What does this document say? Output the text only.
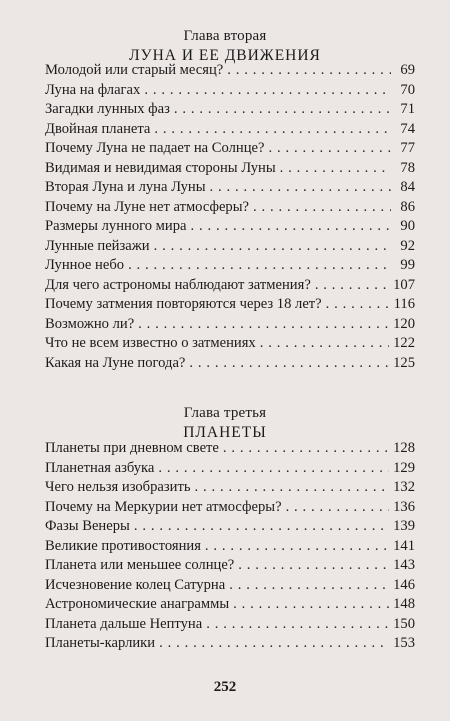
Глава вторая
ЛУНА И ЕЕ ДВИЖЕНИЯ
Молодой или старый месяц? . . .	69
Луна на флагах . . .	70
Загадки лунных фаз . . .	71
Двойная планета . . .	74
Почему Луна не падает на Солнце? . . .	77
Видимая и невидимая стороны Луны . . .	78
Вторая Луна и луна Луны . . .	84
Почему на Луне нет атмосферы? . . .	86
Размеры лунного мира . . .	90
Лунные пейзажи . . .	92
Лунное небо . . .	99
Для чего астрономы наблюдают затмения? . . .	107
Почему затмения повторяются через 18 лет? . . .	116
Возможно ли? . . .	120
Что не всем известно о затмениях . . .	122
Какая на Луне погода? . . .	125
Глава третья
ПЛАНЕТЫ
Планеты при дневном свете . . .	128
Планетная азбука . . .	129
Чего нельзя изобразить . . .	132
Почему на Меркурии нет атмосферы? . . .	136
Фазы Венеры . . .	139
Великие противостояния . . .	141
Планета или меньшее солнце? . . .	143
Исчезновение колец Сатурна . . .	146
Астрономические анаграммы . . .	148
Планета дальше Нептуна . . .	150
Планеты-карлики . . .	153
252
